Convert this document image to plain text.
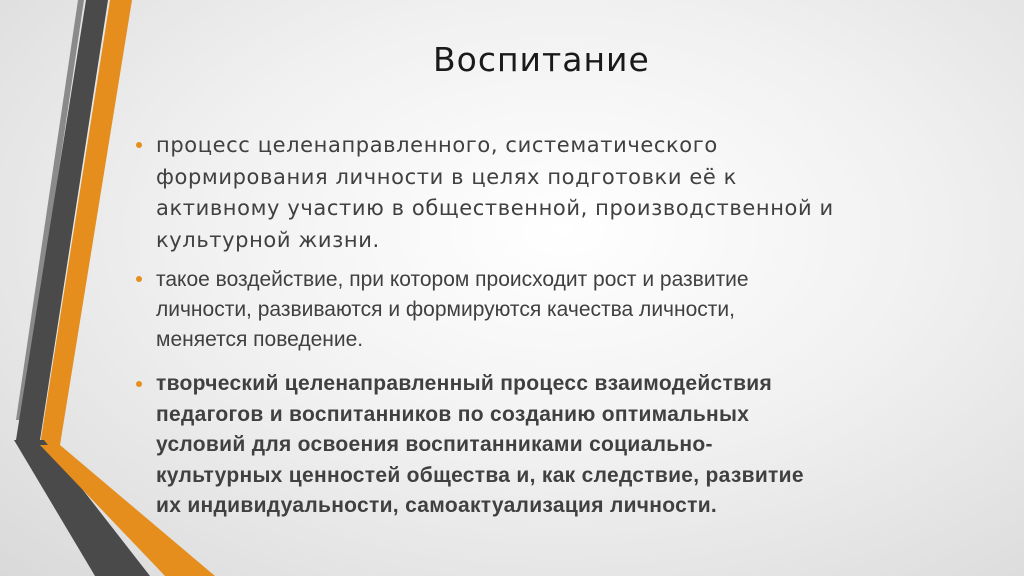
Воспитание
процесс целенаправленного, систематического
формирования личности в целях подготовки её к
активному участию в общественной, производственной и
культурной жизни.
такое воздействие, при котором происходит рост и развитие
личности, развиваются и формируются качества личности,
меняется поведение.
творческий целенаправленный процесс взаимодействия
педагогов и воспитанников по созданию оптимальных
условий для освоения воспитанниками социально-
культурных ценностей общества и, как следствие, развитие
их индивидуальности, самоактуализация личности.
